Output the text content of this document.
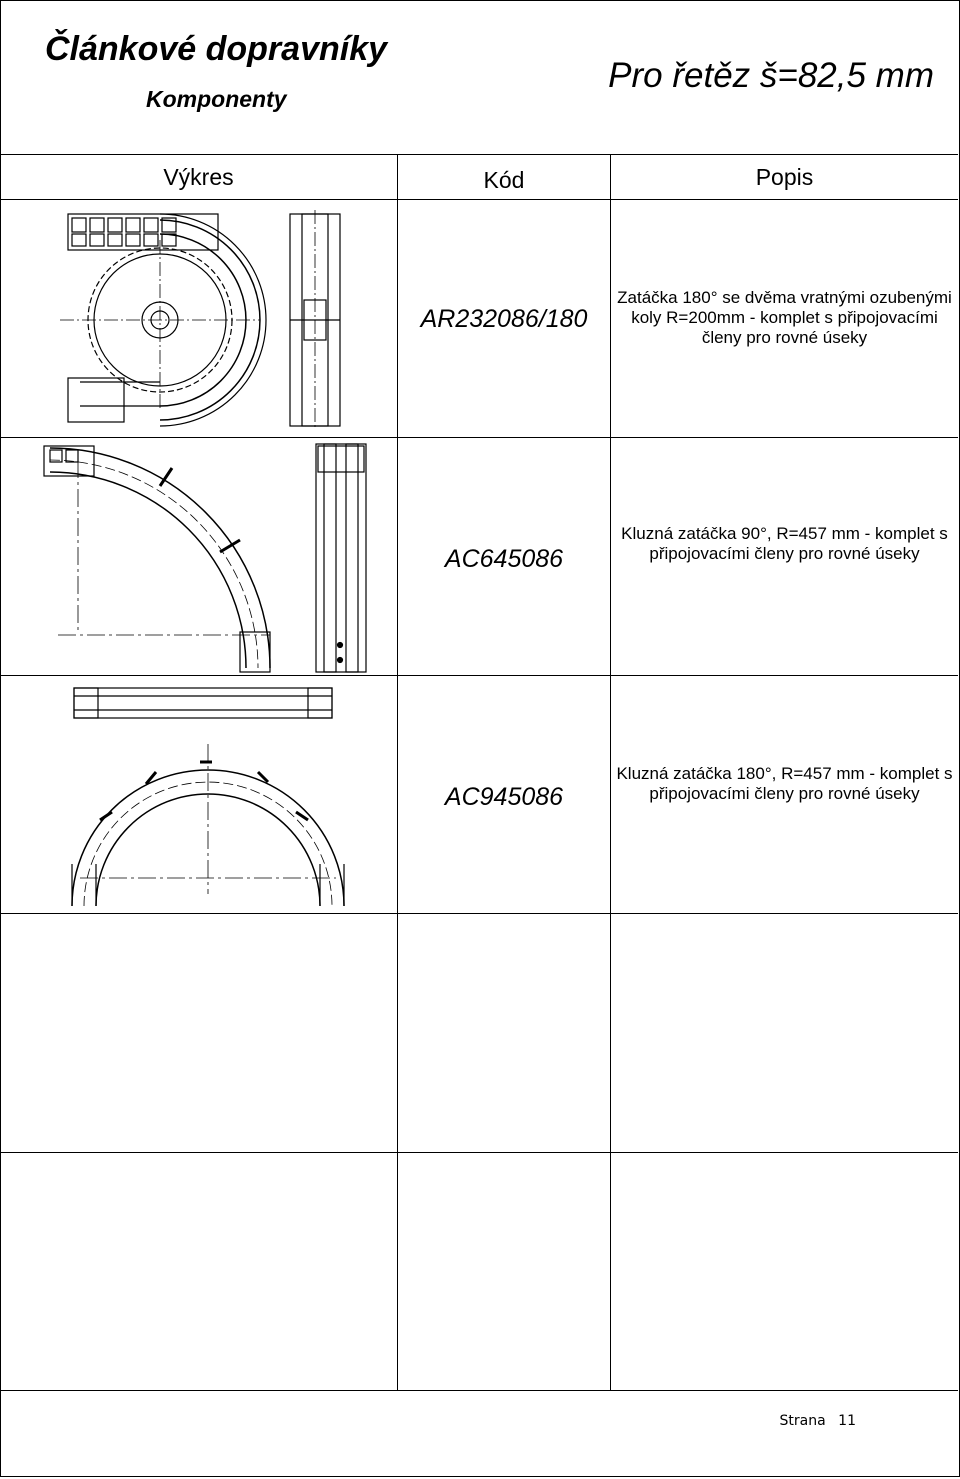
Článkové dopravníky
Komponenty
Pro řetěz š=82,5 mm
Výkres	Kód	Popis
AR232086/180
Zatáčka 180° se dvěma vratnými ozubenými koly R=200mm - komplet s připojovacími členy pro rovné úseky
AC645086
Kluzná zatáčka 90°, R=457 mm - komplet s připojovacími členy pro rovné úseky
AC945086
Kluzná zatáčka 180°, R=457 mm - komplet s připojovacími členy pro rovné úseky
Strana 11
